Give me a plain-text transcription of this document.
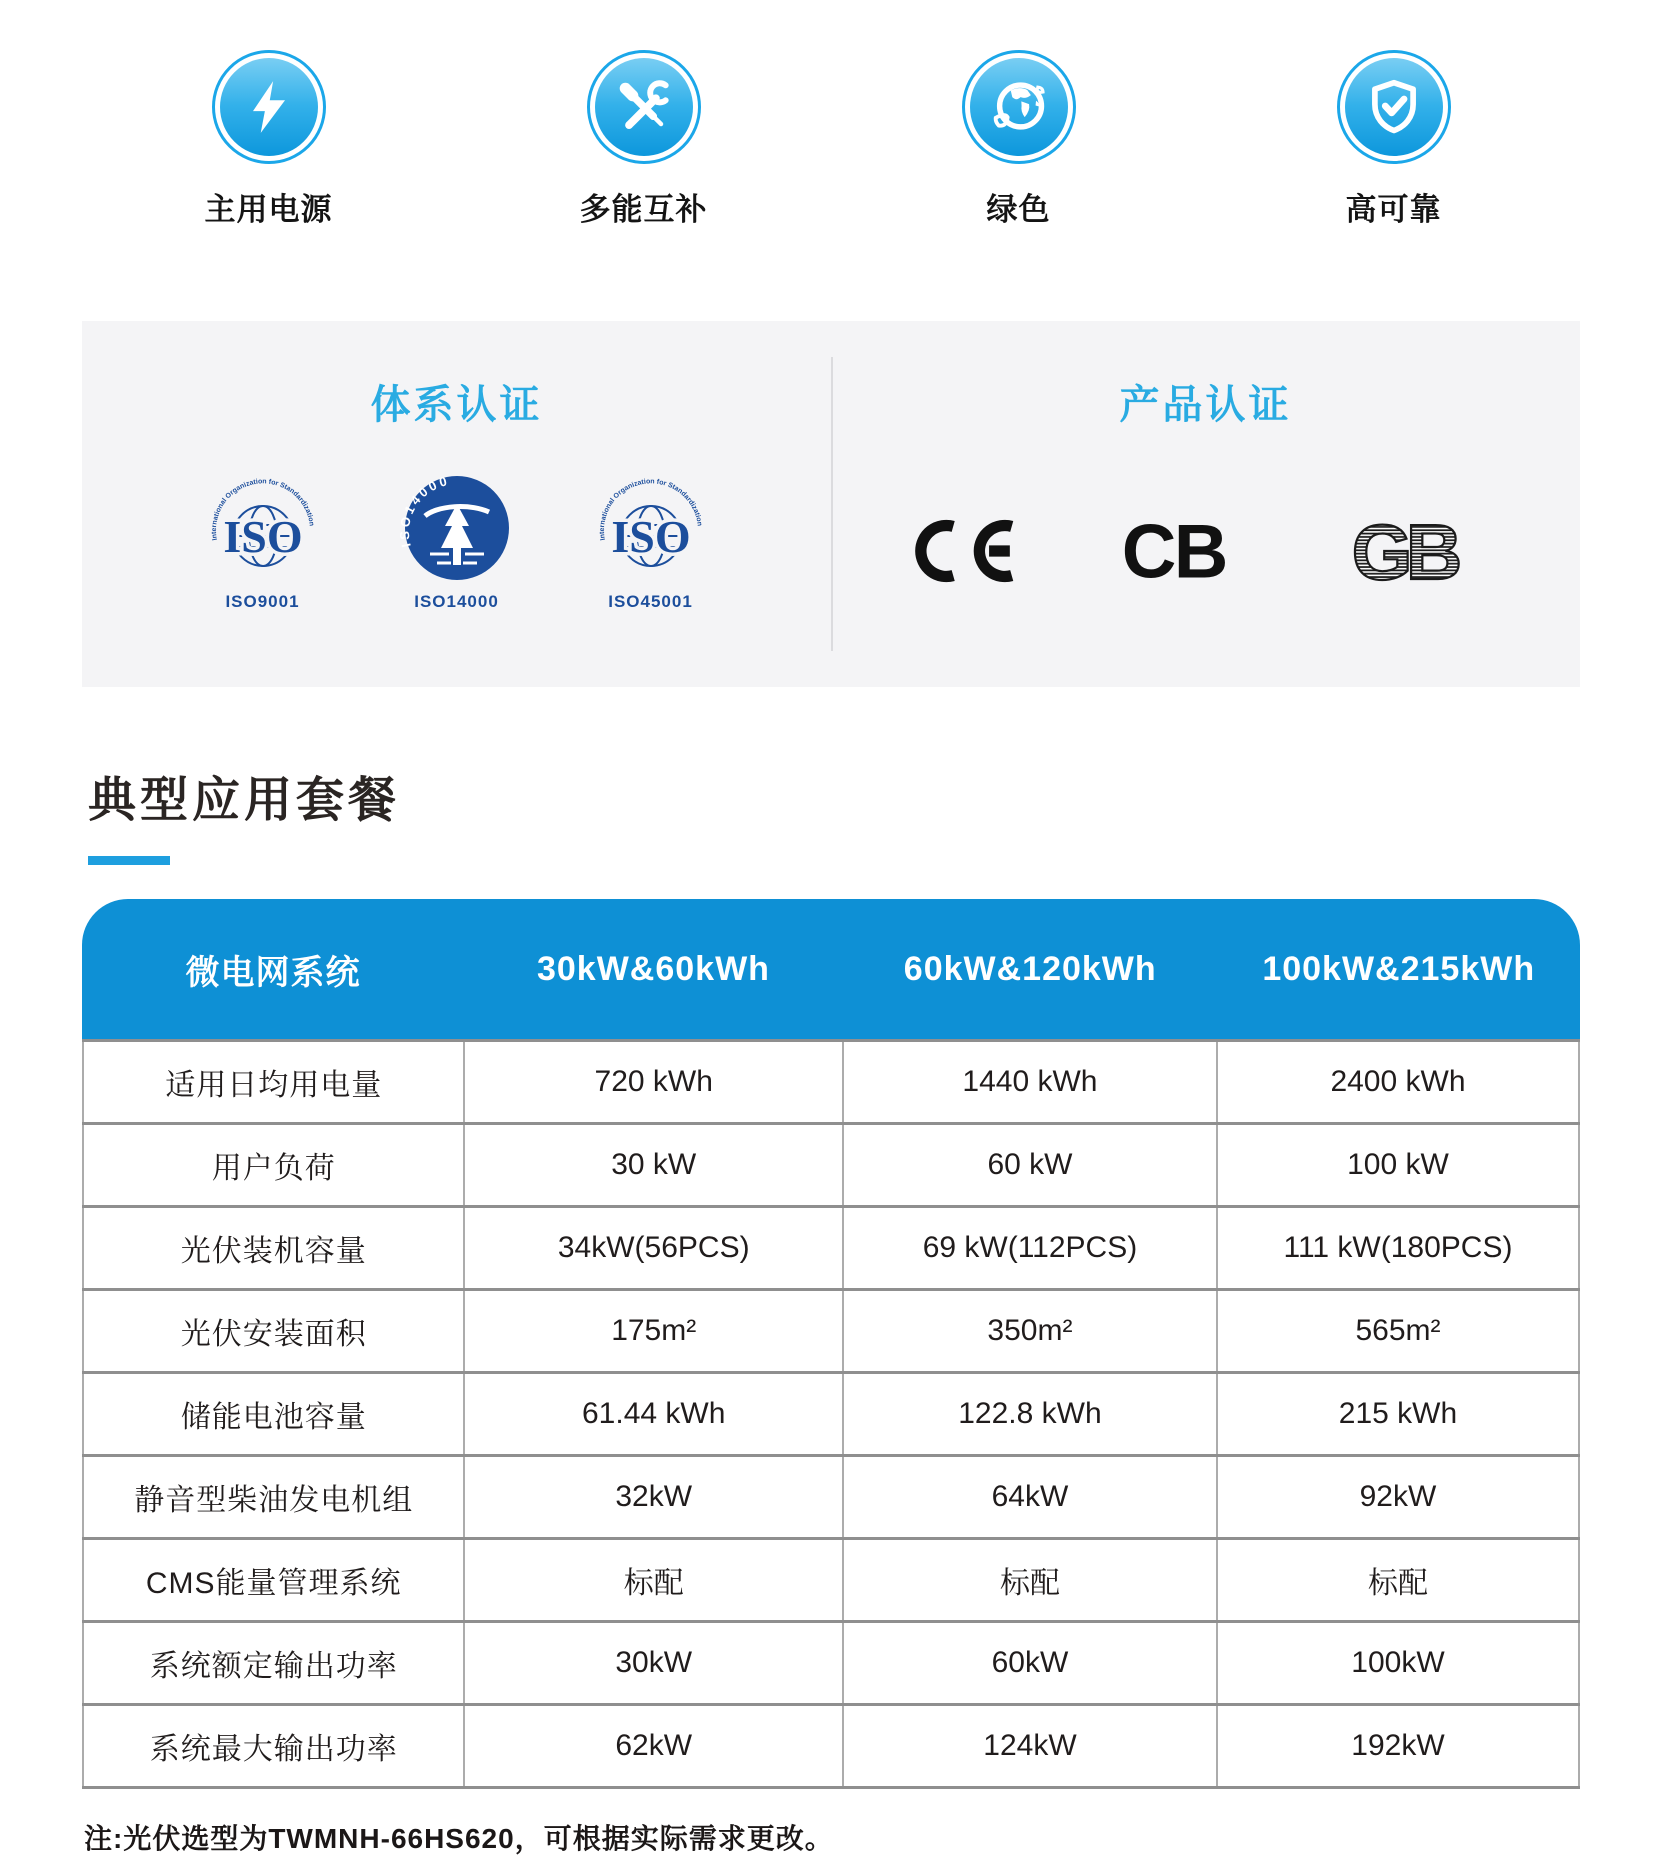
主用电源	多能互补	绿色	高可靠
体系认证
International Organization for Standardization
ISO
ISO9001
ISO14000
ISO14000
International Organization for Standardization
ISO
ISO45001
产品认证
CB GB
典型应用套餐
微电网系统	30kW&60kWh	60kW&120kWh	100kW&215kWh
适用日均用电量	720 kWh	1440 kWh	2400 kWh
用户负荷	30 kW	60 kW	100 kW
光伏装机容量	34kW(56PCS)	69 kW(112PCS)	111 kW(180PCS)
光伏安装面积	175m²	350m²	565m²
储能电池容量	61.44 kWh	122.8 kWh	215 kWh
静音型柴油发电机组	32kW	64kW	92kW
CMS能量管理系统	标配	标配	标配
系统额定输出功率	30kW	60kW	100kW
系统最大输出功率	62kW	124kW	192kW
注:光伏选型为TWMNH-66HS620，可根据实际需求更改。
